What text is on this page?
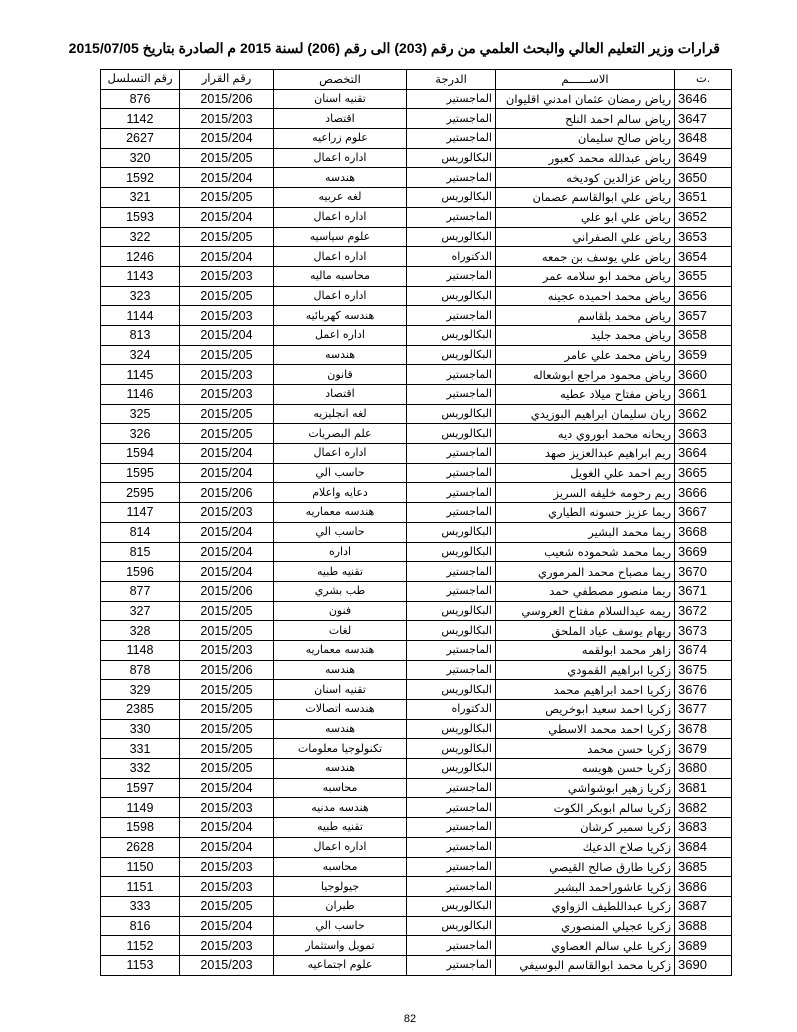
قرارات وزير التعليم العالي والبحث العلمي من رقم (203) الى رقم (206) لسنة 2015 م الصادرة بتاريخ 2015/07/05
رقم التسلسل	رقم القرار	التخصص	الدرجة	الاســــــم	ت.
876	2015/206	تقنيه اسنان	الماجستير	رياض رمضان عثمان امدني اقليوان	3646
1142	2015/203	اقتصاد	الماجستير	رياض سالم احمد النلح	3647
2627	2015/204	علوم زراعيه	الماجستير	رياض صالح سليمان	3648
320	2015/205	اداره اعمال	البكالوريس	رياض عبدالله محمد كعبور	3649
1592	2015/204	هندسه	الماجستير	رياض عزالدين كوديخه	3650
321	2015/205	لغه عربيه	البكالوريس	رياض علي ابوالقاسم عصمان	3651
1593	2015/204	اداره اعمال	الماجستير	رياض علي ابو علي	3652
322	2015/205	علوم سياسيه	البكالوريس	رياض علي الصفراني	3653
1246	2015/204	اداره اعمال	الدكتوراه	رياض علي يوسف بن جمعه	3654
1143	2015/203	محاسبه ماليه	الماجستير	رياض محمد ابو سلامه عمر	3655
323	2015/205	اداره اعمال	البكالوريس	رياض محمد احميده عجينه	3656
1144	2015/203	هندسه كهربائيه	الماجستير	رياض محمد بلقاسم	3657
813	2015/204	اداره اعمل	البكالوريس	رياض محمد جليد	3658
324	2015/205	هندسه	البكالوريس	رياض محمد علي عامر	3659
1145	2015/203	قانون	الماجستير	رياض محمود مراجع ابوشعاله	3660
1146	2015/203	اقتصاد	الماجستير	رياض مفتاح ميلاد عطيه	3661
325	2015/205	لغه انجليزيه	البكالوريس	ريان سليمان ابراهيم البوزيدي	3662
326	2015/205	علم البصريات	البكالوريس	ريحانه محمد ابوروي ديه	3663
1594	2015/204	اداره اعمال	الماجستير	ريم ابراهيم عبدالعزيز صهد	3664
1595	2015/204	حاسب الي	الماجستير	ريم احمد علي الغويل	3665
2595	2015/206	دعايه واعلام	الماجستير	ريم رحومه خليفه السريز	3666
1147	2015/203	هندسه معماريه	الماجستير	ريما عزيز حسونه الطياري	3667
814	2015/204	حاسب الي	البكالوريس	ريما محمد البشير	3668
815	2015/204	اداره	البكالوريس	ريما محمد شحموده شعيب	3669
1596	2015/204	تقنيه طبيه	الماجستير	ريما مصباح محمد المرموري	3670
877	2015/206	طب بشري	الماجستير	ريما منصور مصطفي حمد	3671
327	2015/205	فنون	البكالوريس	ريمه عبدالسلام مفتاح العروسي	3672
328	2015/205	لغات	البكالوريس	ريهام يوسف عياد الملحق	3673
1148	2015/203	هندسه معماريه	الماجستير	زاهر محمد ابولقمه	3674
878	2015/206	هندسه	الماجستير	زكريا ابراهيم القمودي	3675
329	2015/205	تقنيه اسنان	البكالوريس	زكريا احمد ابراهيم محمد	3676
2385	2015/205	هندسه اتصالات	الدكتوراه	زكريا احمد سعيد ابوخريص	3677
330	2015/205	هندسه	البكالوريس	زكريا احمد محمد الاسطي	3678
331	2015/205	تكنولوجيا معلومات	البكالوريس	زكريا حسن محمد	3679
332	2015/205	هندسه	البكالوريس	زكريا حسن هويسه	3680
1597	2015/204	محاسبه	الماجستير	زكريا زهير ابوشواشي	3681
1149	2015/203	هندسه مدنيه	الماجستير	زكريا سالم ابوبكر الكوت	3682
1598	2015/204	تقنيه طبيه	الماجستير	زكريا سمير كرشان	3683
2628	2015/204	اداره اعمال	الماجستير	زكريا صلاح الدعيك	3684
1150	2015/203	محاسبه	الماجستير	زكريا طارق صالح القيصي	3685
1151	2015/203	جيولوجيا	الماجستير	زكريا عاشوراحمد البشير	3686
333	2015/205	طيران	البكالوريس	زكريا عبداللطيف الزواوي	3687
816	2015/204	حاسب الي	البكالوريس	زكريا عجيلي المنصوري	3688
1152	2015/203	تمويل واستثمار	الماجستير	زكريا علي سالم العصاوي	3689
1153	2015/203	علوم اجتماعيه	الماجستير	زكريا محمد ابوالقاسم البوسيفي	3690
82
